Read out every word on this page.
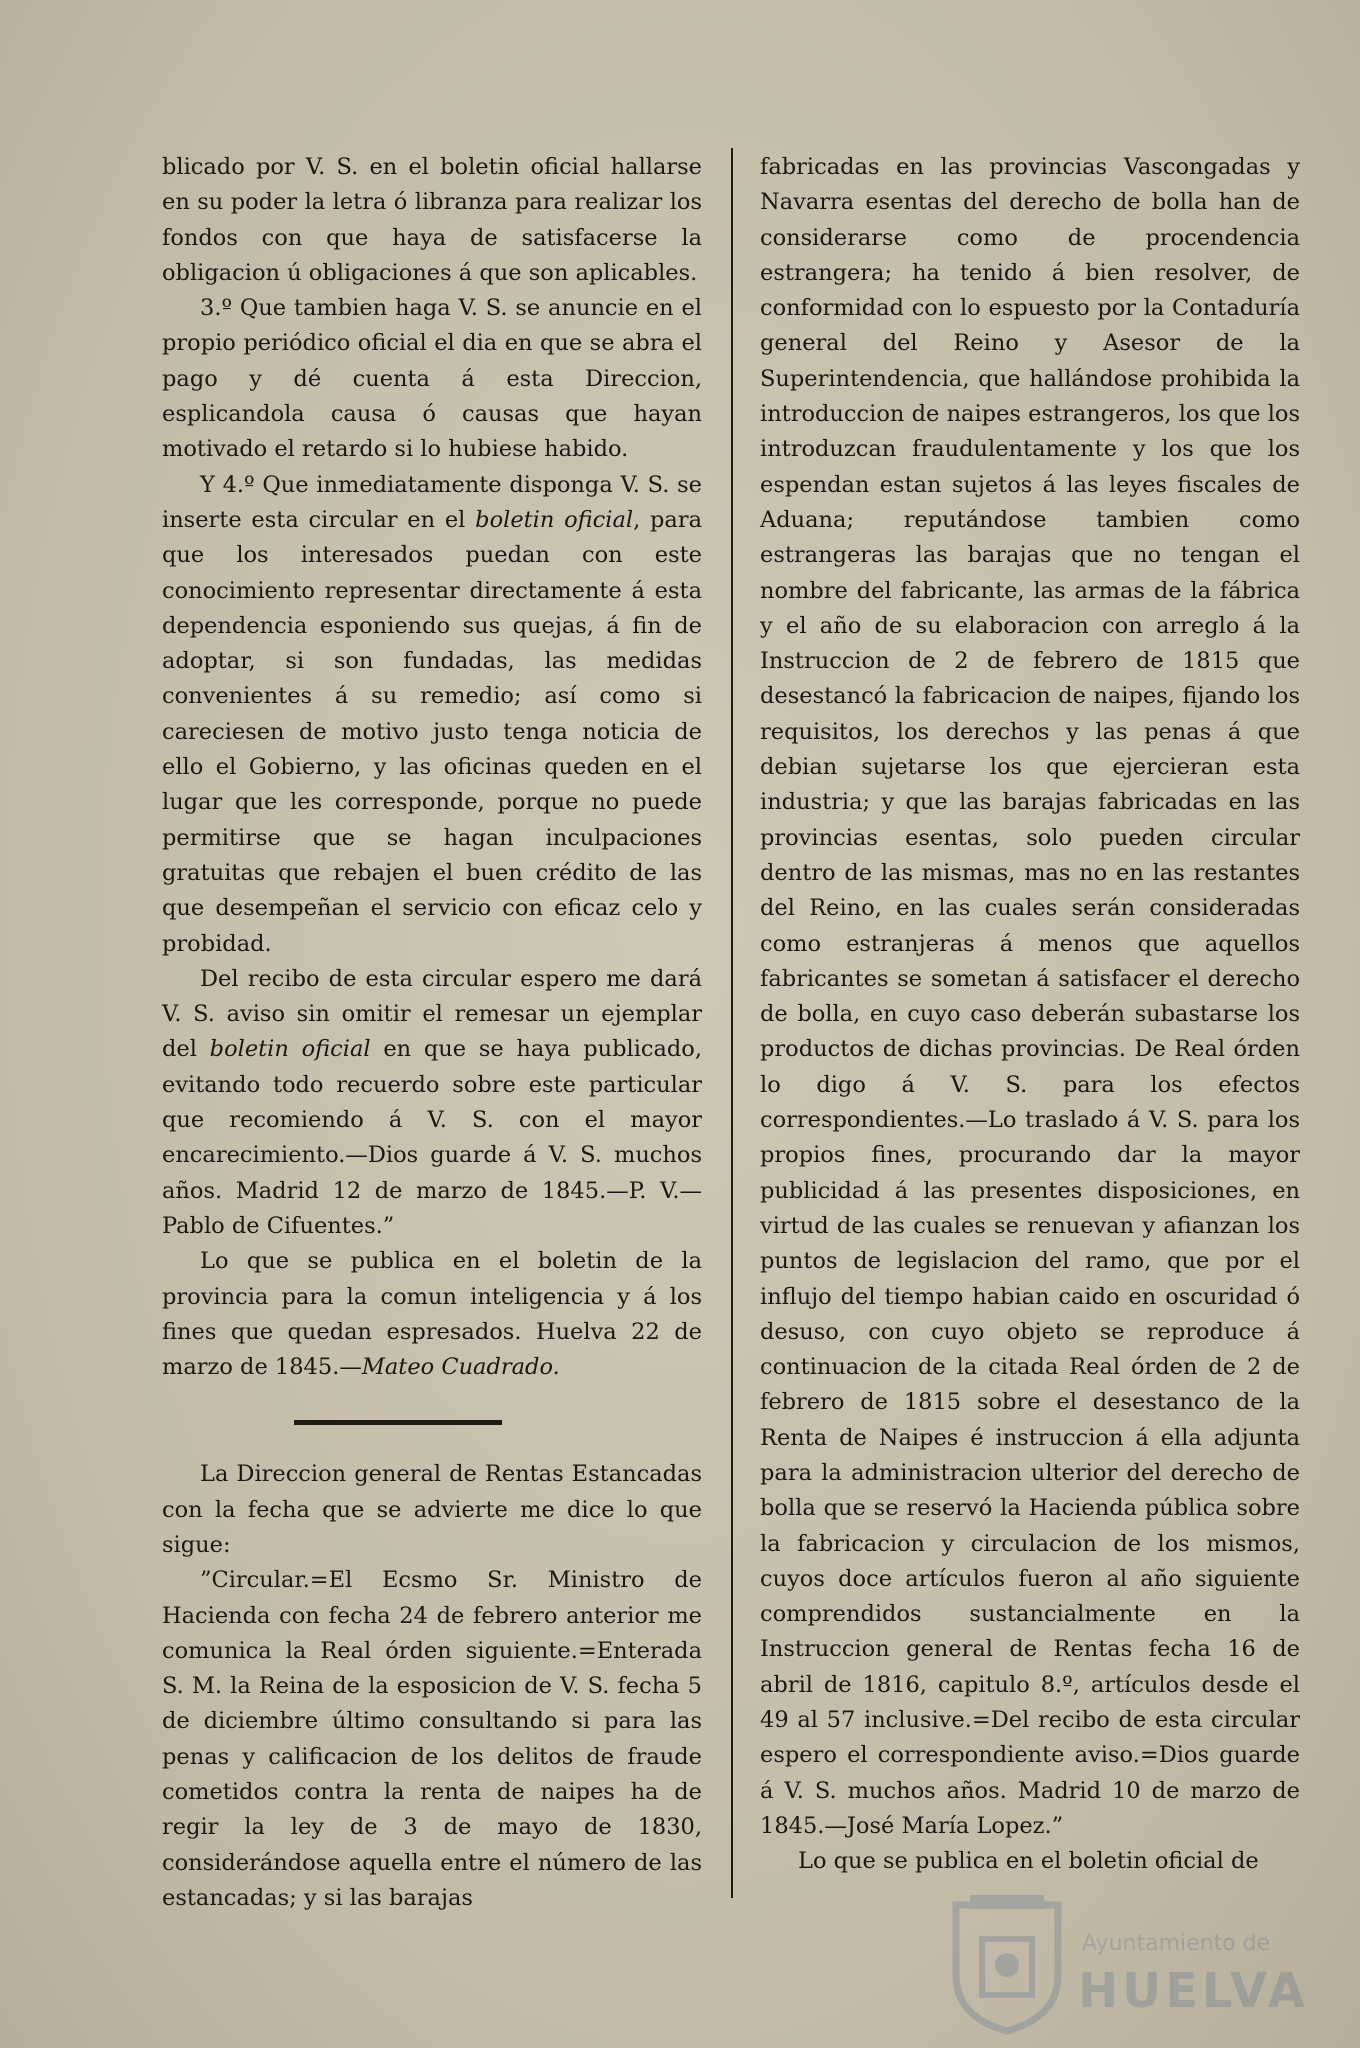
blicado por V. S. en el boletin oficial hallarse en su poder la letra ó libranza para realizar los fondos con que haya de satisfacerse la obligacion ú obligaciones á que son aplicables.

3.º Que tambien haga V. S. se anuncie en el propio periódico oficial el dia en que se abra el pago y dé cuenta á esta Direccion, esplicandola causa ó causas que hayan motivado el retardo si lo hubiese habido.

Y 4.º Que inmediatamente disponga V. S. se inserte esta circular en el boletin oficial, para que los interesados puedan con este conocimiento representar directamente á esta dependencia esponiendo sus quejas, á fin de adoptar, si son fundadas, las medidas convenientes á su remedio; así como si careciesen de motivo justo tenga noticia de ello el Gobierno, y las oficinas queden en el lugar que les corresponde, porque no puede permitirse que se hagan inculpaciones gratuitas que rebajen el buen crédito de las que desempeñan el servicio con eficaz celo y probidad.

Del recibo de esta circular espero me dará V. S. aviso sin omitir el remesar un ejemplar del boletin oficial en que se haya publicado, evitando todo recuerdo sobre este particular que recomiendo á V. S. con el mayor encarecimiento.—Dios guarde á V. S. muchos años. Madrid 12 de marzo de 1845.—P. V.—Pablo de Cifuentes.”

Lo que se publica en el boletin de la provincia para la comun inteligencia y á los fines que quedan espresados. Huelva 22 de marzo de 1845.—Mateo Cuadrado.

La Direccion general de Rentas Estancadas con la fecha que se advierte me dice lo que sigue:

”Circular.=El Ecsmo Sr. Ministro de Hacienda con fecha 24 de febrero anterior me comunica la Real órden siguiente.=Enterada S. M. la Reina de la esposicion de V. S. fecha 5 de diciembre último consultando si para las penas y calificacion de los delitos de fraude cometidos contra la renta de naipes ha de regir la ley de 3 de mayo de 1830, considerándose aquella entre el número de las estancadas; y si las barajas

fabricadas en las provincias Vascongadas y Navarra esentas del derecho de bolla han de considerarse como de procendencia estrangera; ha tenido á bien resolver, de conformidad con lo espuesto por la Contaduría general del Reino y Asesor de la Superintendencia, que hallándose prohibida la introduccion de naipes estrangeros, los que los introduzcan fraudulentamente y los que los espendan estan sujetos á las leyes fiscales de Aduana; reputándose tambien como estrangeras las barajas que no tengan el nombre del fabricante, las armas de la fábrica y el año de su elaboracion con arreglo á la Instruccion de 2 de febrero de 1815 que desestancó la fabricacion de naipes, fijando los requisitos, los derechos y las penas á que debian sujetarse los que ejercieran esta industria; y que las barajas fabricadas en las provincias esentas, solo pueden circular dentro de las mismas, mas no en las restantes del Reino, en las cuales serán consideradas como estranjeras á menos que aquellos fabricantes se sometan á satisfacer el derecho de bolla, en cuyo caso deberán subastarse los productos de dichas provincias. De Real órden lo digo á V. S. para los efectos correspondientes.—Lo traslado á V. S. para los propios fines, procurando dar la mayor publicidad á las presentes disposiciones, en virtud de las cuales se renuevan y afianzan los puntos de legislacion del ramo, que por el influjo del tiempo habian caido en oscuridad ó desuso, con cuyo objeto se reproduce á continuacion de la citada Real órden de 2 de febrero de 1815 sobre el desestanco de la Renta de Naipes é instruccion á ella adjunta para la administracion ulterior del derecho de bolla que se reservó la Hacienda pública sobre la fabricacion y circulacion de los mismos, cuyos doce artículos fueron al año siguiente comprendidos sustancialmente en la Instruccion general de Rentas fecha 16 de abril de 1816, capitulo 8.º, artículos desde el 49 al 57 inclusive.=Del recibo de esta circular espero el correspondiente aviso.=Dios guarde á V. S. muchos años. Madrid 10 de marzo de 1845.—José María Lopez.”

Lo que se publica en el boletin oficial de

Ayuntamiento de
HUELVA
